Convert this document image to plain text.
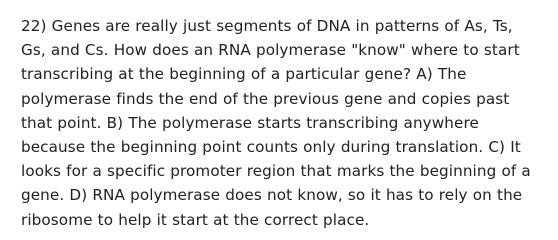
22) Genes are really just segments of DNA in patterns of As, Ts, Gs, and Cs. How does an RNA polymerase "know" where to start transcribing at the beginning of a particular gene? A) The polymerase finds the end of the previous gene and copies past that point. B) The polymerase starts transcribing anywhere because the beginning point counts only during translation. C) It looks for a specific promoter region that marks the beginning of a gene. D) RNA polymerase does not know, so it has to rely on the ribosome to help it start at the correct place.
